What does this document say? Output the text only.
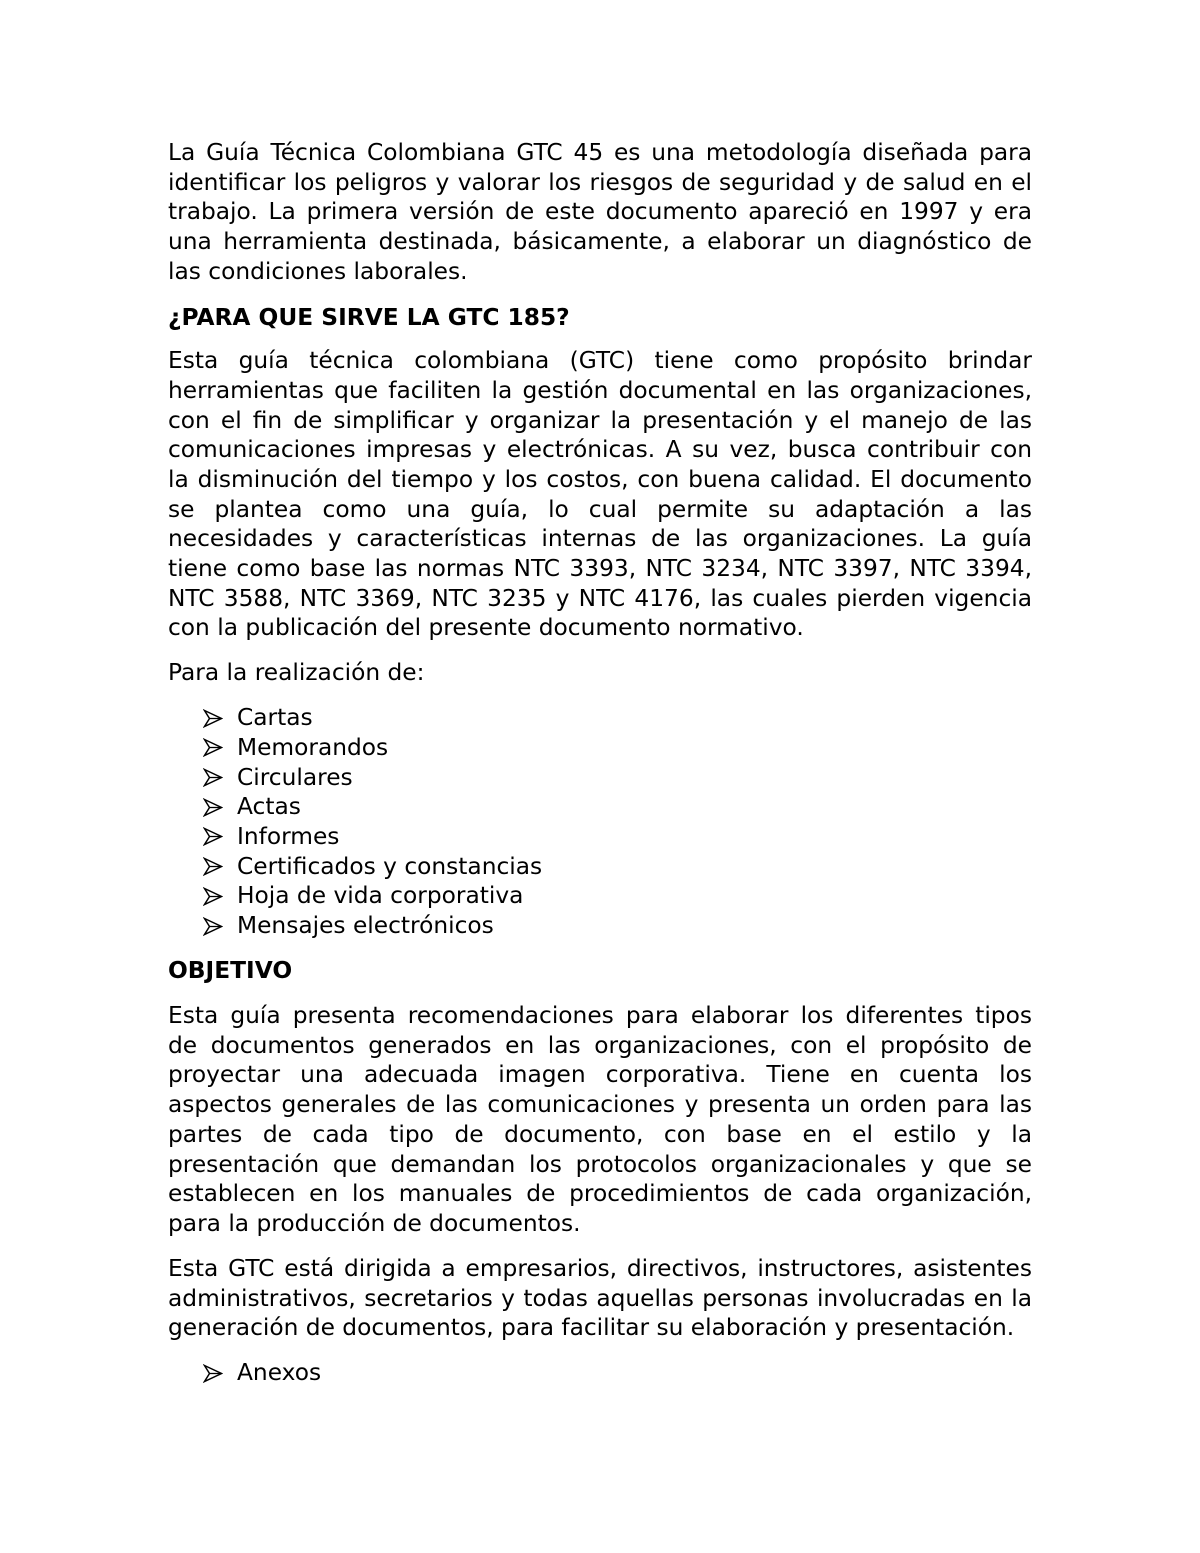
La Guía Técnica Colombiana GTC 45 es una metodología diseñada para
identificar los peligros y valorar los riesgos de seguridad y de salud en el
trabajo. La primera versión de este documento apareció en 1997 y era
una herramienta destinada, básicamente, a elaborar un diagnóstico de
las condiciones laborales.
¿PARA QUE SIRVE LA GTC 185?
Esta guía técnica colombiana (GTC) tiene como propósito brindar
herramientas que faciliten la gestión documental en las organizaciones,
con el fin de simplificar y organizar la presentación y el manejo de las
comunicaciones impresas y electrónicas. A su vez, busca contribuir con
la disminución del tiempo y los costos, con buena calidad. El documento
se plantea como una guía, lo cual permite su adaptación a las
necesidades y características internas de las organizaciones. La guía
tiene como base las normas NTC 3393, NTC 3234, NTC 3397, NTC 3394,
NTC 3588, NTC 3369, NTC 3235 y NTC 4176, las cuales pierden vigencia
con la publicación del presente documento normativo.
Para la realización de:
Cartas
Memorandos
Circulares
Actas
Informes
Certificados y constancias
Hoja de vida corporativa
Mensajes electrónicos
OBJETIVO
Esta guía presenta recomendaciones para elaborar los diferentes tipos
de documentos generados en las organizaciones, con el propósito de
proyectar una adecuada imagen corporativa. Tiene en cuenta los
aspectos generales de las comunicaciones y presenta un orden para las
partes de cada tipo de documento, con base en el estilo y la
presentación que demandan los protocolos organizacionales y que se
establecen en los manuales de procedimientos de cada organización,
para la producción de documentos.
Esta GTC está dirigida a empresarios, directivos, instructores, asistentes
administrativos, secretarios y todas aquellas personas involucradas en la
generación de documentos, para facilitar su elaboración y presentación.
Anexos
